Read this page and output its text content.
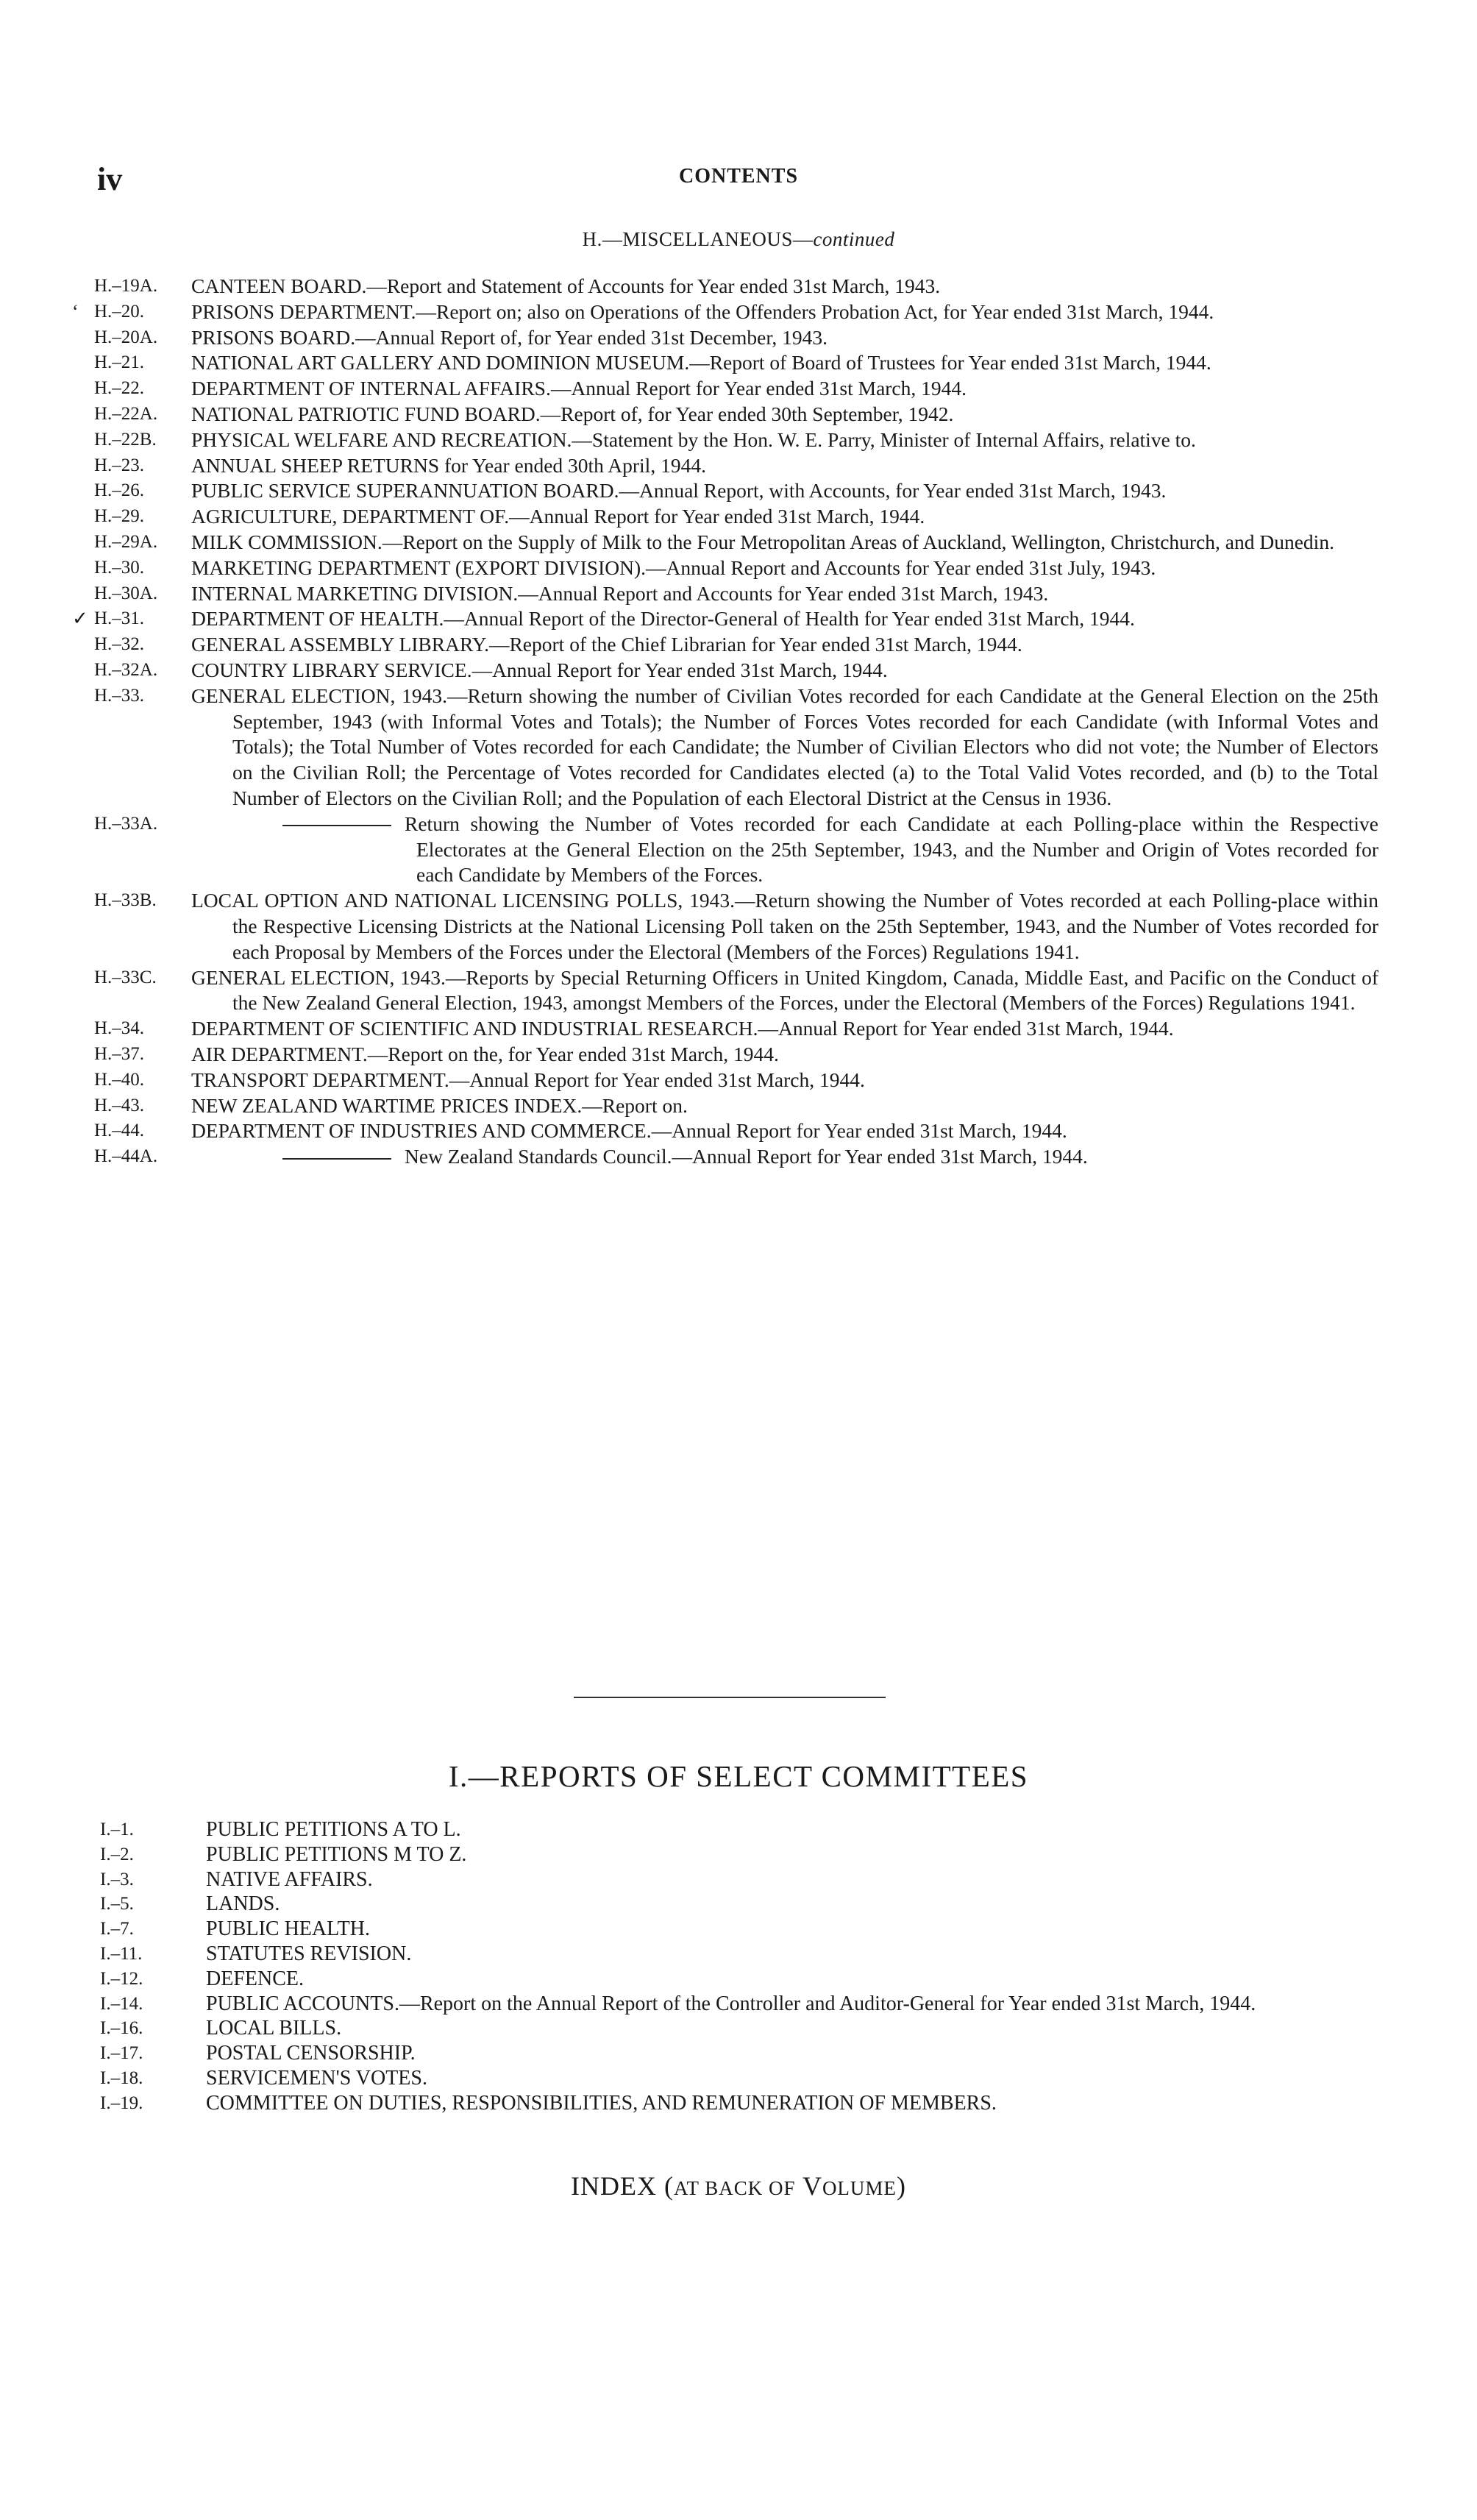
iv	CONTENTS
H.—MISCELLANEOUS—continued
H.–19A.	CANTEEN BOARD.—Report and Statement of Accounts for Year ended 31st March, 1943.
‘ H.–20.	PRISONS DEPARTMENT.—Report on; also on Operations of the Offenders Probation Act, for Year ended 31st March, 1944.
H.–20A.	PRISONS BOARD.—Annual Report of, for Year ended 31st December, 1943.
H.–21.	NATIONAL ART GALLERY AND DOMINION MUSEUM.—Report of Board of Trustees for Year ended 31st March, 1944.
H.–22.	DEPARTMENT OF INTERNAL AFFAIRS.—Annual Report for Year ended 31st March, 1944.
H.–22A.	NATIONAL PATRIOTIC FUND BOARD.—Report of, for Year ended 30th September, 1942.
H.–22B.	PHYSICAL WELFARE AND RECREATION.—Statement by the Hon. W. E. Parry, Minister of Internal Affairs, relative to.
H.–23.	ANNUAL SHEEP RETURNS for Year ended 30th April, 1944.
H.–26.	PUBLIC SERVICE SUPERANNUATION BOARD.—Annual Report, with Accounts, for Year ended 31st March, 1943.
H.–29.	AGRICULTURE, DEPARTMENT OF.—Annual Report for Year ended 31st March, 1944.
H.–29A.	MILK COMMISSION.—Report on the Supply of Milk to the Four Metropolitan Areas of Auckland, Wellington, Christchurch, and Dunedin.
H.–30.	MARKETING DEPARTMENT (EXPORT DIVISION).—Annual Report and Accounts for Year ended 31st July, 1943.
H.–30A.	INTERNAL MARKETING DIVISION.—Annual Report and Accounts for Year ended 31st March, 1943.
✓ H.–31.	DEPARTMENT OF HEALTH.—Annual Report of the Director-General of Health for Year ended 31st March, 1944.
H.–32.	GENERAL ASSEMBLY LIBRARY.—Report of the Chief Librarian for Year ended 31st March, 1944.
H.–32A.	COUNTRY LIBRARY SERVICE.—Annual Report for Year ended 31st March, 1944.
H.–33.	GENERAL ELECTION, 1943.—Return showing the number of Civilian Votes recorded for each Candidate at the General Election on the 25th September, 1943 (with Informal Votes and Totals); the Number of Forces Votes recorded for each Candidate (with Informal Votes and Totals); the Total Number of Votes recorded for each Candidate; the Number of Civilian Electors who did not vote; the Number of Electors on the Civilian Roll; the Percentage of Votes recorded for Candidates elected (a) to the Total Valid Votes recorded, and (b) to the Total Number of Electors on the Civilian Roll; and the Population of each Electoral District at the Census in 1936.
H.–33A.	Return showing the Number of Votes recorded for each Candidate at each Polling-place within the Respective Electorates at the General Election on the 25th September, 1943, and the Number and Origin of Votes recorded for each Candidate by Members of the Forces.
H.–33B.	LOCAL OPTION AND NATIONAL LICENSING POLLS, 1943.—Return showing the Number of Votes recorded at each Polling-place within the Respective Licensing Districts at the National Licensing Poll taken on the 25th September, 1943, and the Number of Votes recorded for each Proposal by Members of the Forces under the Electoral (Members of the Forces) Regulations 1941.
H.–33C.	GENERAL ELECTION, 1943.—Reports by Special Returning Officers in United Kingdom, Canada, Middle East, and Pacific on the Conduct of the New Zealand General Election, 1943, amongst Members of the Forces, under the Electoral (Members of the Forces) Regulations 1941.
H.–34.	DEPARTMENT OF SCIENTIFIC AND INDUSTRIAL RESEARCH.—Annual Report for Year ended 31st March, 1944.
H.–37.	AIR DEPARTMENT.—Report on the, for Year ended 31st March, 1944.
H.–40.	TRANSPORT DEPARTMENT.—Annual Report for Year ended 31st March, 1944.
H.–43.	NEW ZEALAND WARTIME PRICES INDEX.—Report on.
H.–44.	DEPARTMENT OF INDUSTRIES AND COMMERCE.—Annual Report for Year ended 31st March, 1944.
H.–44A.	New Zealand Standards Council.—Annual Report for Year ended 31st March, 1944.
I.—REPORTS OF SELECT COMMITTEES
I.–1.	PUBLIC PETITIONS A TO L.
I.–2.	PUBLIC PETITIONS M TO Z.
I.–3.	NATIVE AFFAIRS.
I.–5.	LANDS.
I.–7.	PUBLIC HEALTH.
I.–11.	STATUTES REVISION.
I.–12.	DEFENCE.
I.–14.	PUBLIC ACCOUNTS.—Report on the Annual Report of the Controller and Auditor-General for Year ended 31st March, 1944.
I.–16.	LOCAL BILLS.
I.–17.	POSTAL CENSORSHIP.
I.–18.	SERVICEMEN'S VOTES.
I.–19.	COMMITTEE ON DUTIES, RESPONSIBILITIES, AND REMUNERATION OF MEMBERS.
INDEX (AT BACK OF VOLUME)
